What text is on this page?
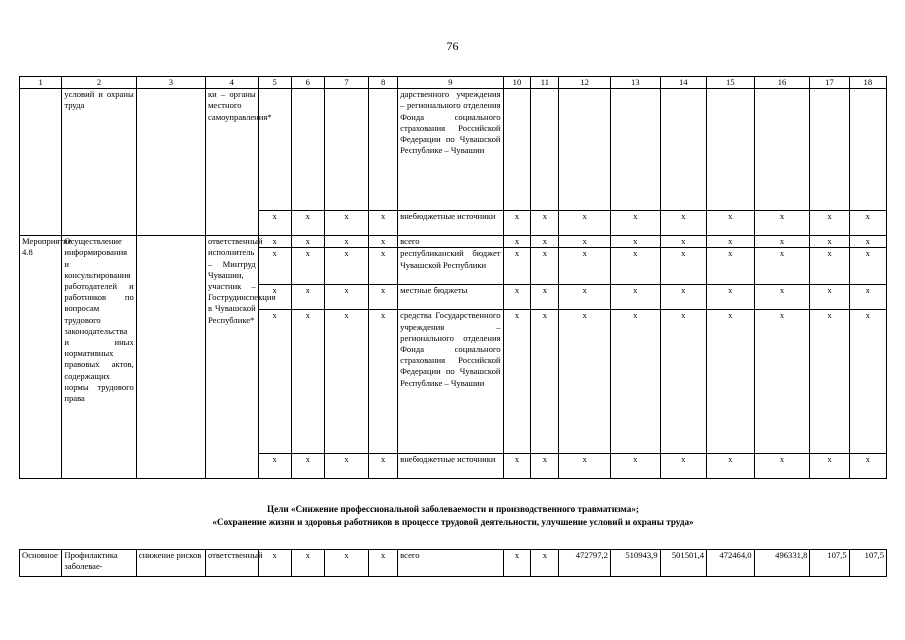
76
1	2	3	4	5	6	7	8	9	10	11	12	13	14	15	16	17	18
	условий и охраны труда		ки – органы местного самоуправления*					дарственного учреждения – регионального отделения Фонда социального страхования Российской Федерации по Чувашской Республике – Чувашии									
				x	x	x	x	внебюджетные источники	x	x	x	x	x	x	x	x	x
Мероприятие 4.8	Осуществление информирования и консультирования работодателей и работников по вопросам трудового законодательства и иных нормативных правовых актов, содержащих нормы трудового права		ответственный исполнитель – Минтруд Чувашии, участник – Гострудинспекция в Чувашской Республике*	x	x	x	x	всего	x	x	x	x	x	x	x	x	x
				x	x	x	x	республиканский бюджет Чувашской Республики	x	x	x	x	x	x	x	x	x
				x	x	x	x	местные бюджеты	x	x	x	x	x	x	x	x	x
				x	x	x	x	средства Государственного учреждения – регионального отделения Фонда социального страхования Российской Федерации по Чувашской Республике – Чувашии	x	x	x	x	x	x	x	x	x
				x	x	x	x	внебюджетные источники	x	x	x	x	x	x	x	x	x
Цели «Снижение профессиональной заболеваемости и производственного травматизма»;
«Сохранение жизни и здоровья работников в процессе трудовой деятельности, улучшение условий и охраны труда»
Основное	Профилактика заболевае-	снижение рисков	ответственный	x	x	x	x	всего	x	x	472797,2	510943,9	501501,4	472464,0	496331,8	107,5	107,5
